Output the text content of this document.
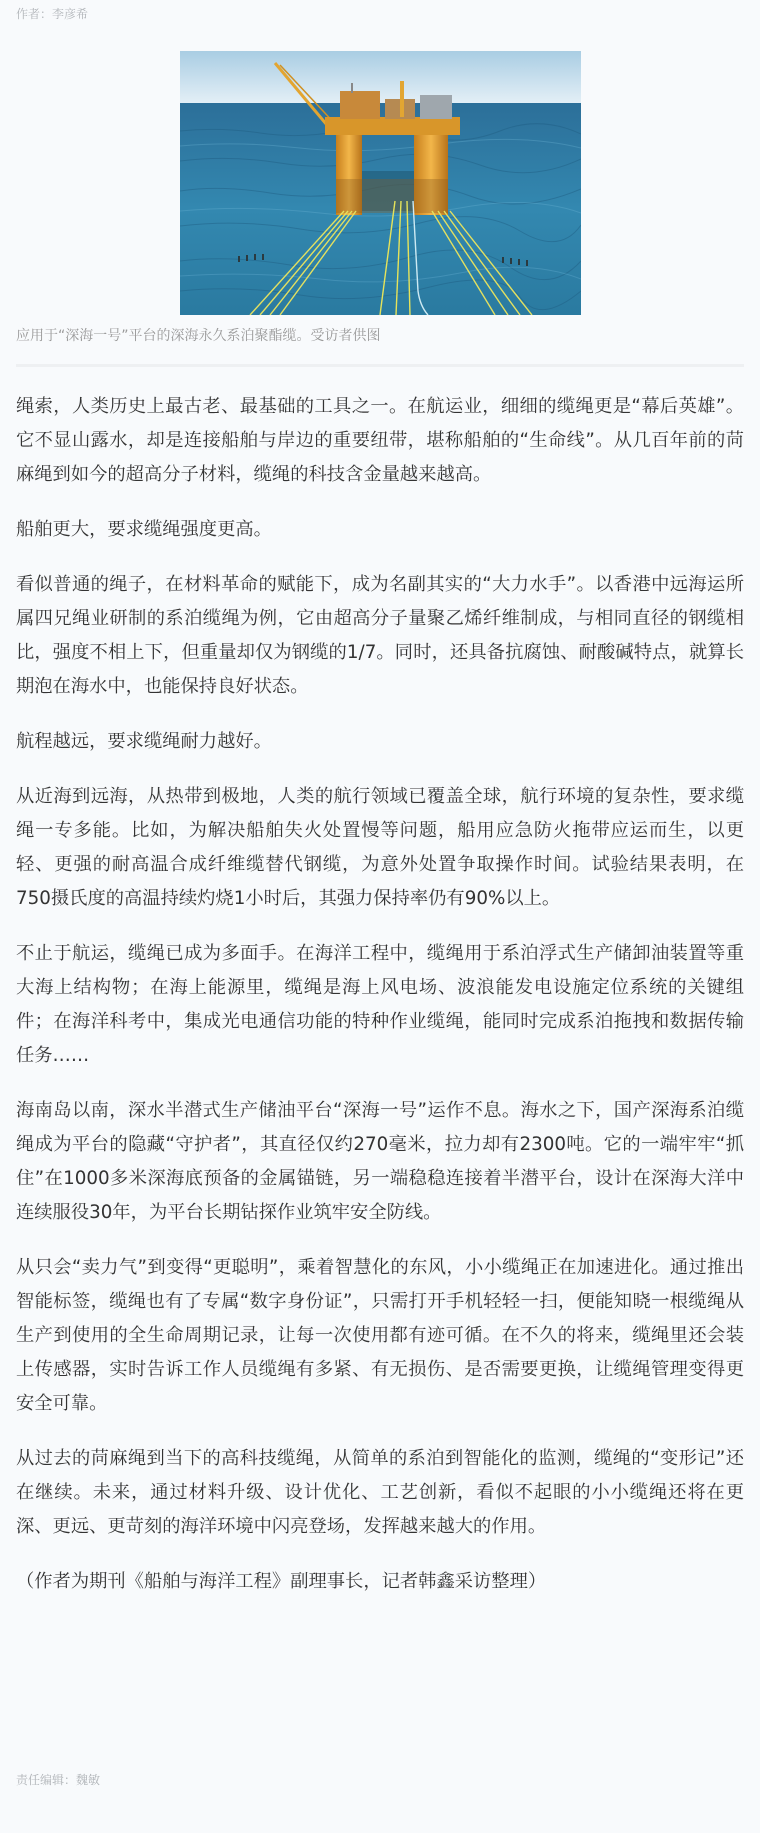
作者：李彦希
应用于“深海一号”平台的深海永久系泊聚酯缆。受访者供图

绳索，人类历史上最古老、最基础的工具之一。在航运业，细细的缆绳更是“幕后英雄”。它不显山露水，却是连接船舶与岸边的重要纽带，堪称船舶的“生命线”。从几百年前的苘麻绳到如今的超高分子材料，缆绳的科技含金量越来越高。

船舶更大，要求缆绳强度更高。

看似普通的绳子，在材料革命的赋能下，成为名副其实的“大力水手”。以香港中远海运所属四兄绳业研制的系泊缆绳为例，它由超高分子量聚乙烯纤维制成，与相同直径的钢缆相比，强度不相上下，但重量却仅为钢缆的1/7。同时，还具备抗腐蚀、耐酸碱特点，就算长期泡在海水中，也能保持良好状态。

航程越远，要求缆绳耐力越好。

从近海到远海，从热带到极地，人类的航行领域已覆盖全球，航行环境的复杂性，要求缆绳一专多能。比如，为解决船舶失火处置慢等问题，船用应急防火拖带应运而生，以更轻、更强的耐高温合成纤维缆替代钢缆，为意外处置争取操作时间。试验结果表明，在750摄氏度的高温持续灼烧1小时后，其强力保持率仍有90%以上。

不止于航运，缆绳已成为多面手。在海洋工程中，缆绳用于系泊浮式生产储卸油装置等重大海上结构物；在海上能源里，缆绳是海上风电场、波浪能发电设施定位系统的关键组件；在海洋科考中，集成光电通信功能的特种作业缆绳，能同时完成系泊拖拽和数据传输任务……

海南岛以南，深水半潜式生产储油平台“深海一号”运作不息。海水之下，国产深海系泊缆绳成为平台的隐藏“守护者”，其直径仅约270毫米，拉力却有2300吨。它的一端牢牢“抓住”在1000多米深海底预备的金属锚链，另一端稳稳连接着半潜平台，设计在深海大洋中连续服役30年，为平台长期钻探作业筑牢安全防线。

从只会“卖力气”到变得“更聪明”，乘着智慧化的东风，小小缆绳正在加速进化。通过推出智能标签，缆绳也有了专属“数字身份证”，只需打开手机轻轻一扫，便能知晓一根缆绳从生产到使用的全生命周期记录，让每一次使用都有迹可循。在不久的将来，缆绳里还会装上传感器，实时告诉工作人员缆绳有多紧、有无损伤、是否需要更换，让缆绳管理变得更安全可靠。

从过去的苘麻绳到当下的高科技缆绳，从简单的系泊到智能化的监测，缆绳的“变形记”还在继续。未来，通过材料升级、设计优化、工艺创新，看似不起眼的小小缆绳还将在更深、更远、更苛刻的海洋环境中闪亮登场，发挥越来越大的作用。

（作者为期刊《船舶与海洋工程》副理事长，记者韩鑫采访整理）

责任编辑：魏敏
